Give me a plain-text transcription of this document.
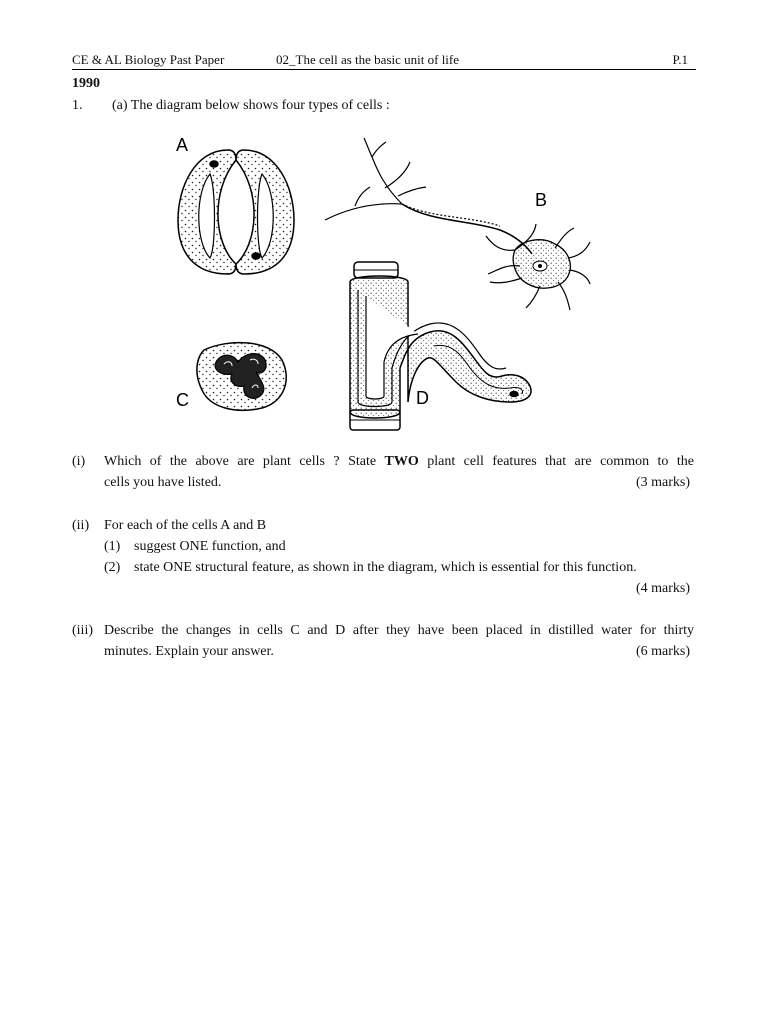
CE & AL Biology Past Paper	02_The cell as the basic unit of life	P.1
1990
1. (a) The diagram below shows four types of cells :
A
B
C	D
(i) Which of the above are plant cells ? State TWO plant cell features that are common to the
cells you have listed.	(3 marks)
(ii) For each of the cells A and B
(1) suggest ONE function, and
(2) state ONE structural feature, as shown in the diagram, which is essential for this function.
(4 marks)
(iii) Describe the changes in cells C and D after they have been placed in distilled water for thirty
minutes. Explain your answer.	(6 marks)
